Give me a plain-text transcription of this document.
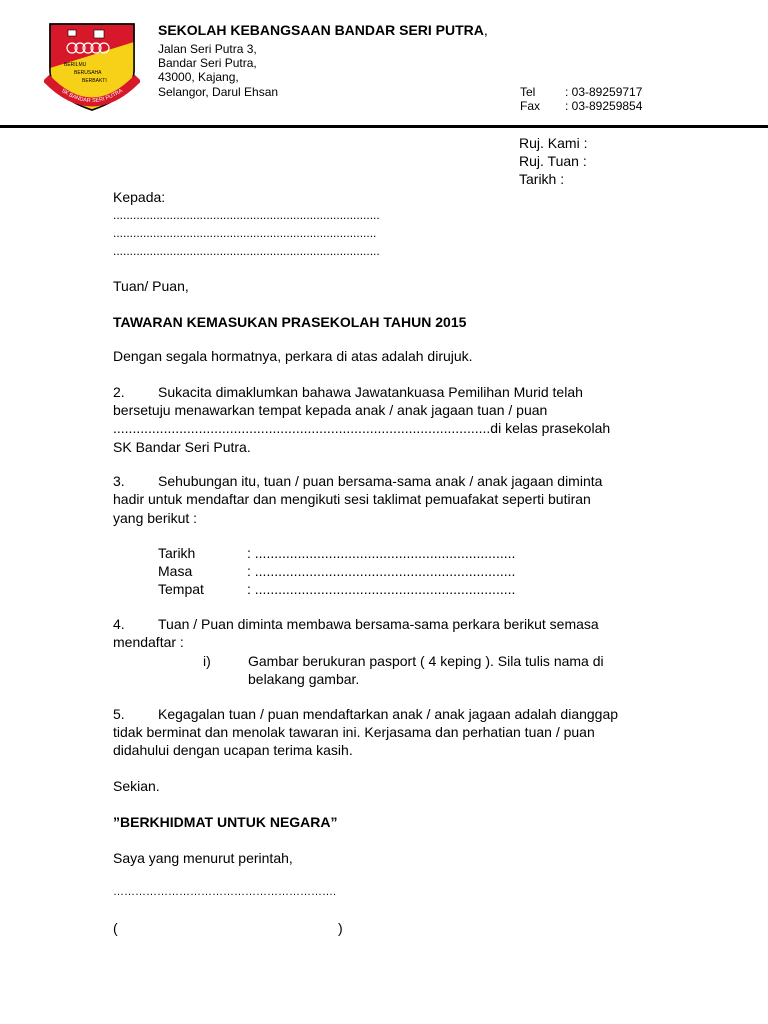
BERILMU
BERUSAHA
BERBAKTI
SK BANDAR SERI PUTRA
SEKOLAH KEBANGSAAN BANDAR SERI PUTRA,
Jalan Seri Putra 3,
Bandar Seri Putra,
43000, Kajang,
Selangor, Darul Ehsan	Tel : 03-89259717
Fax : 03-89259854
Ruj. Kami :
Ruj. Tuan :
Tarikh :
Kepada:
................................................................................
...............................................................................
................................................................................
Tuan/ Puan,
TAWARAN KEMASUKAN PRASEKOLAH TAHUN 2015
Dengan segala hormatnya, perkara di atas adalah dirujuk.
2. Sukacita dimaklumkan bahawa Jawatankuasa Pemilihan Murid telah
bersetuju menawarkan tempat kepada anak / anak jagaan tuan / puan
.................................................................................................di kelas prasekolah
SK Bandar Seri Putra.
3. Sehubungan itu, tuan / puan bersama-sama anak / anak jagaan diminta
hadir untuk mendaftar dan mengikuti sesi taklimat pemuafakat seperti butiran
yang berikut :
Tarikh	: ...................................................................
Masa	: ...................................................................
Tempat	: ...................................................................
4. Tuan / Puan diminta membawa bersama-sama perkara berikut semasa
mendaftar :
i)	Gambar berukuran pasport ( 4 keping ). Sila tulis nama di
belakang gambar.
5. Kegagalan tuan / puan mendaftarkan anak / anak jagaan adalah dianggap
tidak berminat dan menolak tawaran ini. Kerjasama dan perhatian tuan / puan
didahului dengan ucapan terima kasih.
Sekian.
”BERKHIDMAT UNTUK NEGARA”
Saya yang menurut perintah,
…………………………………………………….
(	)
